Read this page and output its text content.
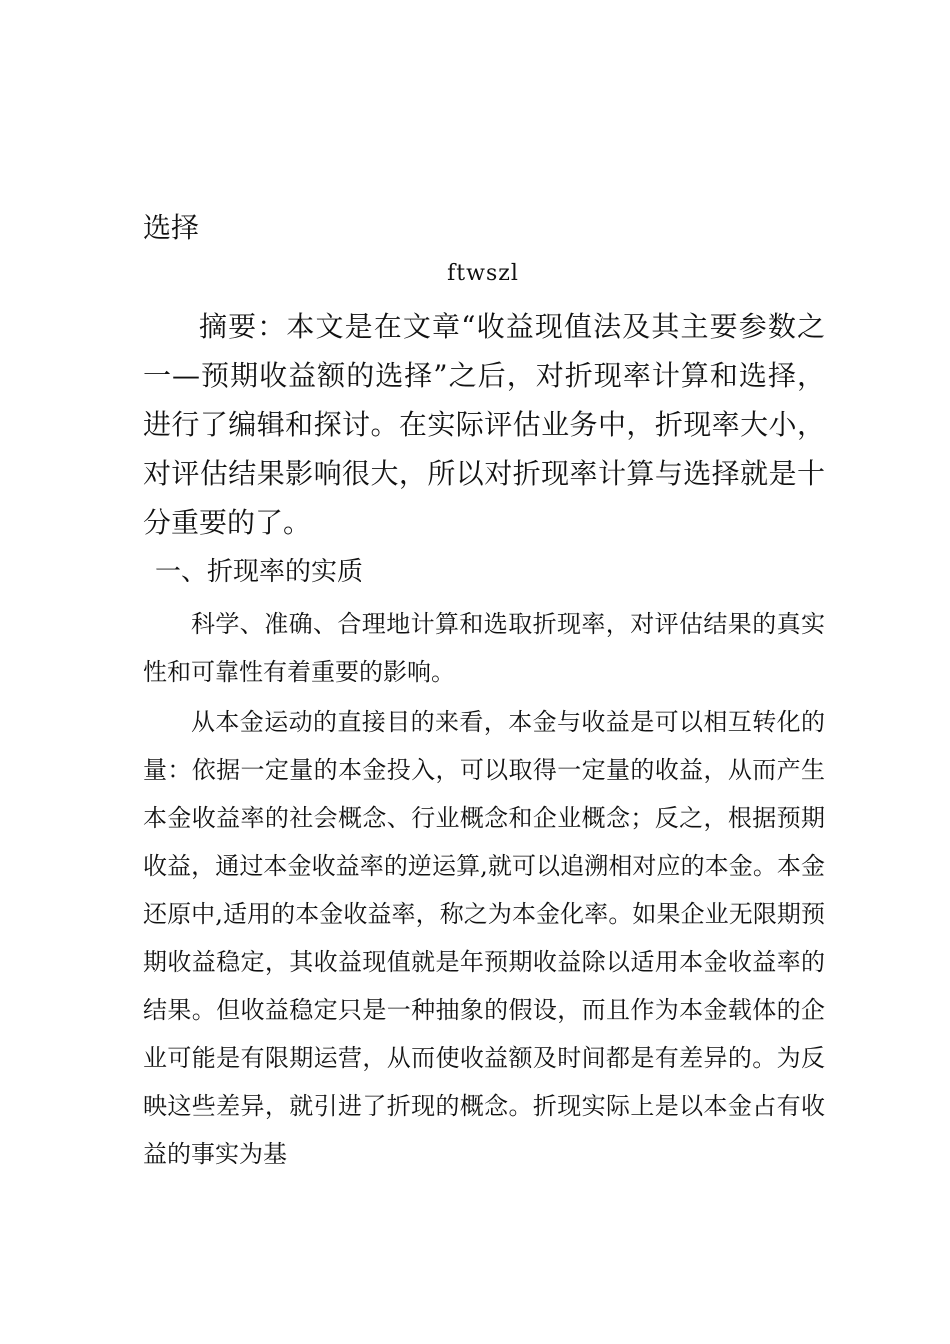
选择
ftwszl

摘要：本文是在文章“收益现值法及其主要参数之一—预期收益额的选择”之后，对折现率计算和选择，进行了编辑和探讨。在实际评估业务中，折现率大小，对评估结果影响很大，所以对折现率计算与选择就是十分重要的了。

一、折现率的实质

科学、准确、合理地计算和选取折现率，对评估结果的真实性和可靠性有着重要的影响。

从本金运动的直接目的来看，本金与收益是可以相互转化的量：依据一定量的本金投入，可以取得一定量的收益，从而产生本金收益率的社会概念、行业概念和企业概念；反之，根据预期收益，通过本金收益率的逆运算,就可以追溯相对应的本金。本金还原中,适用的本金收益率，称之为本金化率。如果企业无限期预期收益稳定，其收益现值就是年预期收益除以适用本金收益率的结果。但收益稳定只是一种抽象的假设，而且作为本金载体的企业可能是有限期运营，从而使收益额及时间都是有差异的。为反映这些差异，就引进了折现的概念。折现实际上是以本金占有收益的事实为基
